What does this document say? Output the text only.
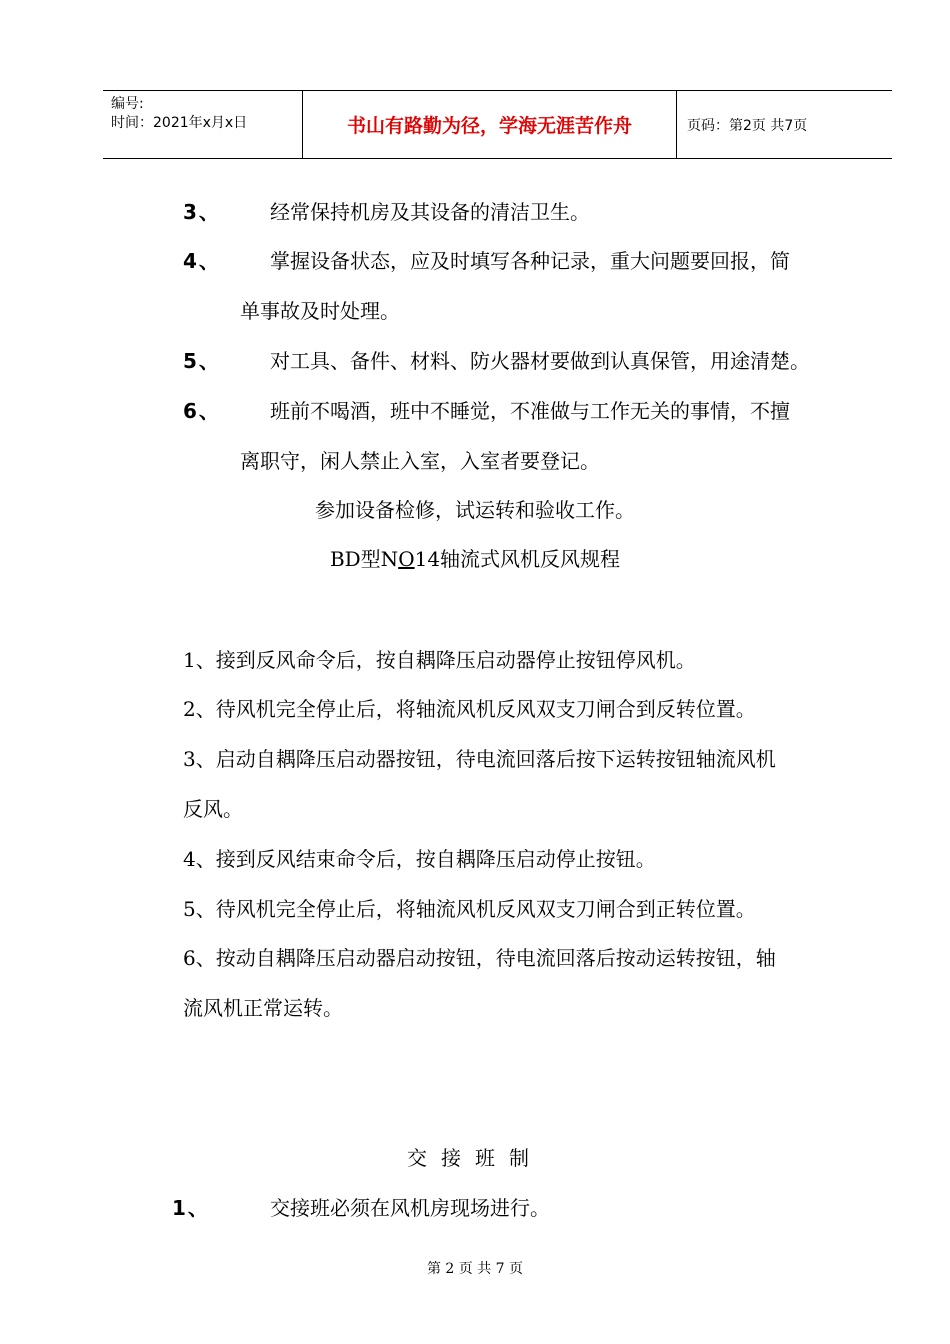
编号:
时间：2021年x月x日	书山有路勤为径，学海无涯苦作舟	页码：第2页 共7页
3、 经常保持机房及其设备的清洁卫生。
4、 掌握设备状态，应及时填写各种记录，重大问题要回报，简
单事故及时处理。
5、 对工具、备件、材料、防火器材要做到认真保管，用途清楚。
6、 班前不喝酒，班中不睡觉，不准做与工作无关的事情，不擅
离职守，闲人禁止入室，入室者要登记。
参加设备检修，试运转和验收工作。
BD型NO14轴流式风机反风规程
1、接到反风命令后，按自耦降压启动器停止按钮停风机。
2、待风机完全停止后，将轴流风机反风双支刀闸合到反转位置。
3、启动自耦降压启动器按钮，待电流回落后按下运转按钮轴流风机
反风。
4、接到反风结束命令后，按自耦降压启动停止按钮。
5、待风机完全停止后，将轴流风机反风双支刀闸合到正转位置。
6、按动自耦降压启动器启动按钮，待电流回落后按动运转按钮，轴
流风机正常运转。
交接班制
1、	交接班必须在风机房现场进行。
第 2 页 共 7 页
